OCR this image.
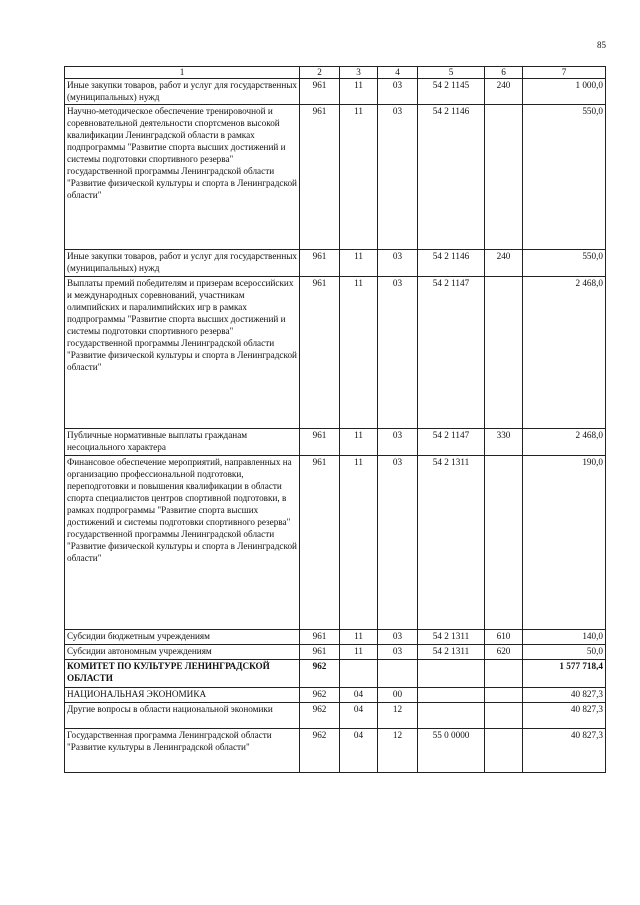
85
1	2	3	4	5	6	7
Иные закупки товаров, работ и услуг для государственных (муниципальных) нужд	961	11	03	54 2 1145	240	1 000,0
Научно-методическое обеспечение тренировочной и соревновательной деятельности спортсменов высокой квалификации Ленинградской области в рамках подпрограммы "Развитие спорта высших достижений и системы подготовки спортивного резерва" государственной программы Ленинградской области "Развитие физической культуры и спорта в Ленинградской области"	961	11	03	54 2 1146		550,0
Иные закупки товаров, работ и услуг для государственных (муниципальных) нужд	961	11	03	54 2 1146	240	550,0
Выплаты премий победителям и призерам всероссийских и международных соревнований, участникам олимпийских и паралимпийских игр в рамках подпрограммы "Развитие спорта высших достижений и системы подготовки спортивного резерва" государственной программы Ленинградской области "Развитие физической культуры и спорта в Ленинградской области"	961	11	03	54 2 1147		2 468,0
Публичные нормативные выплаты гражданам несоциального характера	961	11	03	54 2 1147	330	2 468,0
Финансовое обеспечение мероприятий, направленных на организацию профессиональной подготовки, переподготовки и повышения квалификации в области спорта специалистов центров спортивной подготовки, в рамках подпрограммы "Развитие спорта высших достижений и системы подготовки спортивного резерва" государственной программы Ленинградской области "Развитие физической культуры и спорта в Ленинградской области"	961	11	03	54 2 1311		190,0
Субсидии бюджетным учреждениям	961	11	03	54 2 1311	610	140,0
Субсидии автономным учреждениям	961	11	03	54 2 1311	620	50,0
КОМИТЕТ ПО КУЛЬТУРЕ ЛЕНИНГРАДСКОЙ ОБЛАСТИ	962					1 577 718,4
НАЦИОНАЛЬНАЯ ЭКОНОМИКА	962	04	00			40 827,3
Другие вопросы в области национальной экономики	962	04	12			40 827,3
Государственная программа Ленинградской области "Развитие культуры в Ленинградской области"	962	04	12	55 0 0000		40 827,3
